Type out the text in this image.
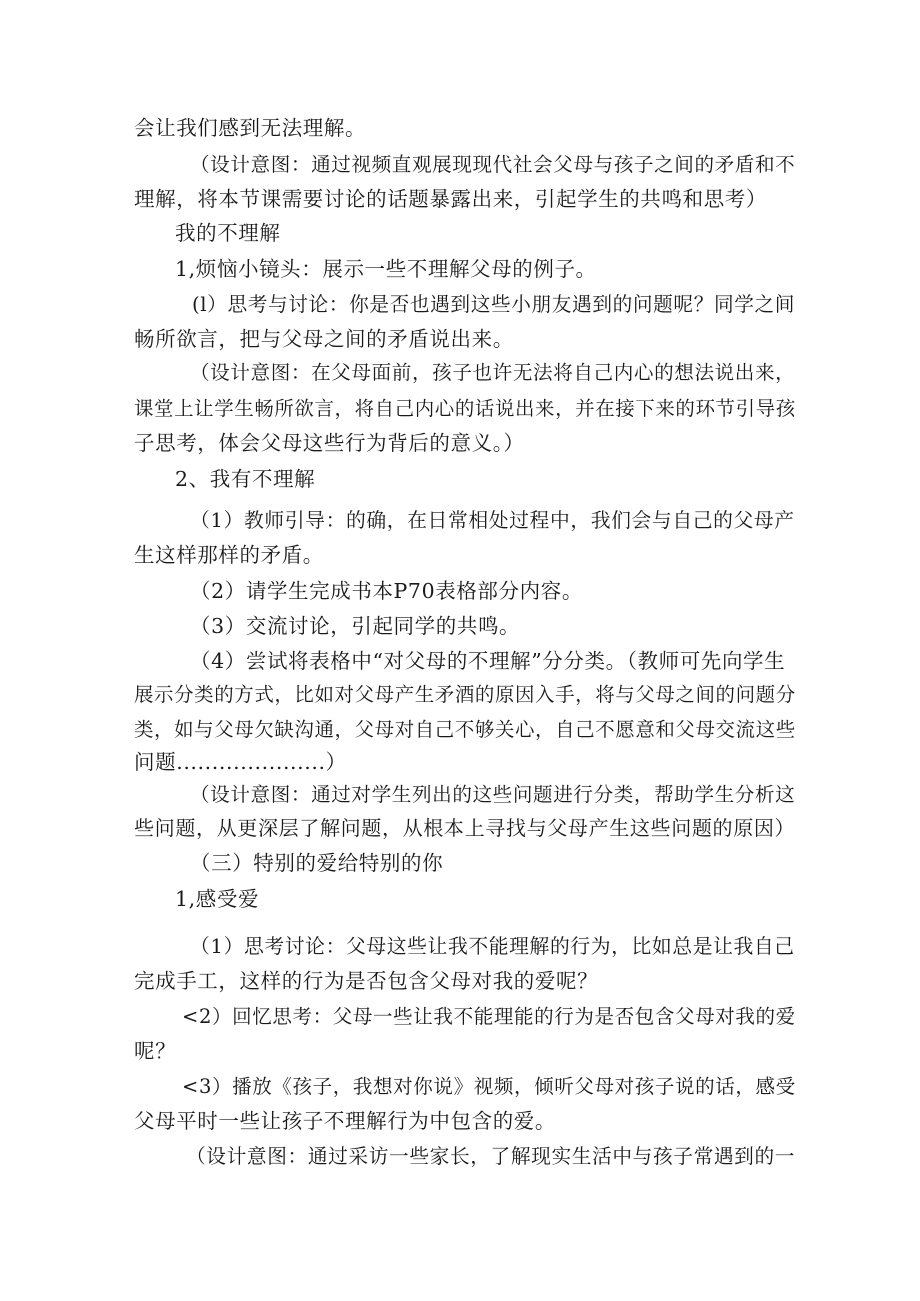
会让我们感到无法理解。
（设计意图：通过视频直观展现现代社会父母与孩子之间的矛盾和不
理解，将本节课需要讨论的话题暴露出来，引起学生的共鸣和思考）
我的不理解
1,烦恼小镜头：展示一些不理解父母的例子。
(l）思考与讨论：你是否也遇到这些小朋友遇到的问题呢？同学之间
畅所欲言，把与父母之间的矛盾说出来。
（设计意图：在父母面前，孩子也许无法将自己内心的想法说出来，
课堂上让学生畅所欲言，将自己内心的话说出来，并在接下来的环节引导孩
子思考，体会父母这些行为背后的意义。）
2、我有不理解
（1）教师引导：的确，在日常相处过程中，我们会与自己的父母产
生这样那样的矛盾。
（2）请学生完成书本P70表格部分内容。
（3）交流讨论，引起同学的共鸣。
（4）尝试将表格中“对父母的不理解”分分类。（教师可先向学生
展示分类的方式，比如对父母产生矛酒的原因入手，将与父母之间的问题分
类，如与父母欠缺沟通，父母对自己不够关心，自己不愿意和父母交流这些
问题.....................）
（设计意图：通过对学生列出的这些问题进行分类，帮助学生分析这
些问题，从更深层了解问题，从根本上寻找与父母产生这些问题的原因）
（三）特别的爱给特别的你
1,感受爱
（1）思考讨论：父母这些让我不能理解的行为，比如总是让我自己
完成手工，这样的行为是否包含父母对我的爱呢？
<2）回忆思考：父母一些让我不能理能的行为是否包含父母对我的爱
呢？
<3）播放《孩子，我想对你说》视频，倾听父母对孩子说的话，感受
父母平时一些让孩子不理解行为中包含的爱。
（设计意图：通过采访一些家长，了解现实生活中与孩子常遇到的一
